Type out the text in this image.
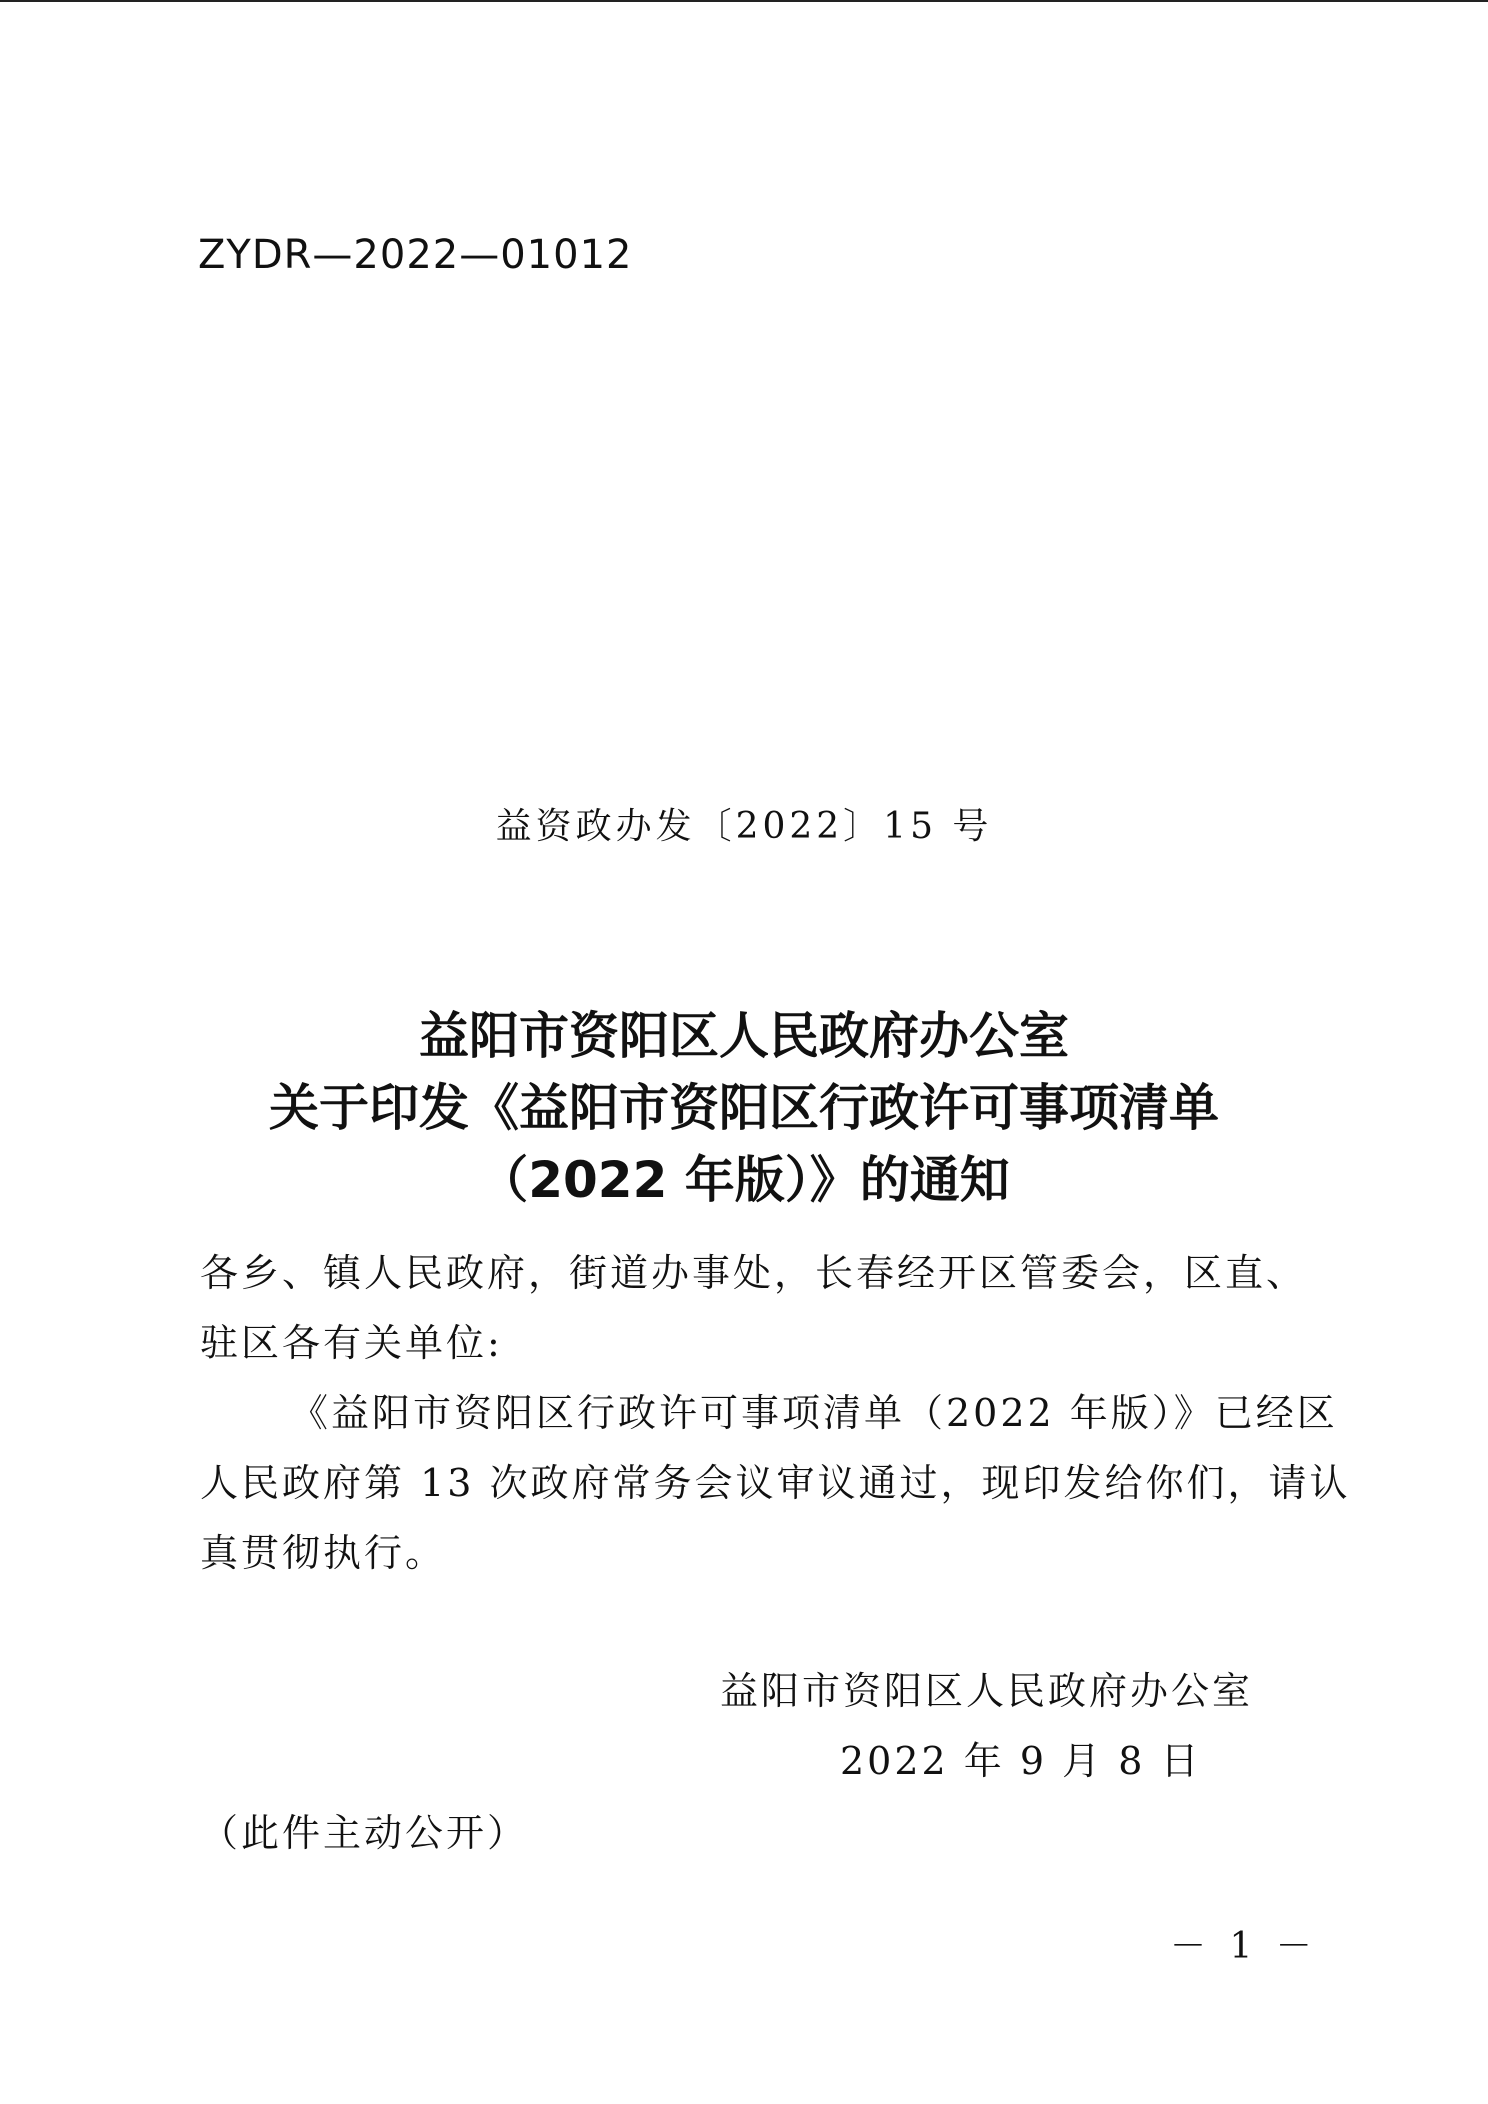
ZYDR—2022—01012
益资政办发〔2022〕15 号
益阳市资阳区人民政府办公室
关于印发《益阳市资阳区行政许可事项清单
（2022 年版）》的通知
各乡、镇人民政府，街道办事处，长春经开区管委会，区直、
驻区各有关单位:
《益阳市资阳区行政许可事项清单（2022 年版）》已经区
人民政府第 13 次政府常务会议审议通过，现印发给你们，请认
真贯彻执行。
益阳市资阳区人民政府办公室
2022 年 9 月 8 日
（此件主动公开）
－ 1 －
